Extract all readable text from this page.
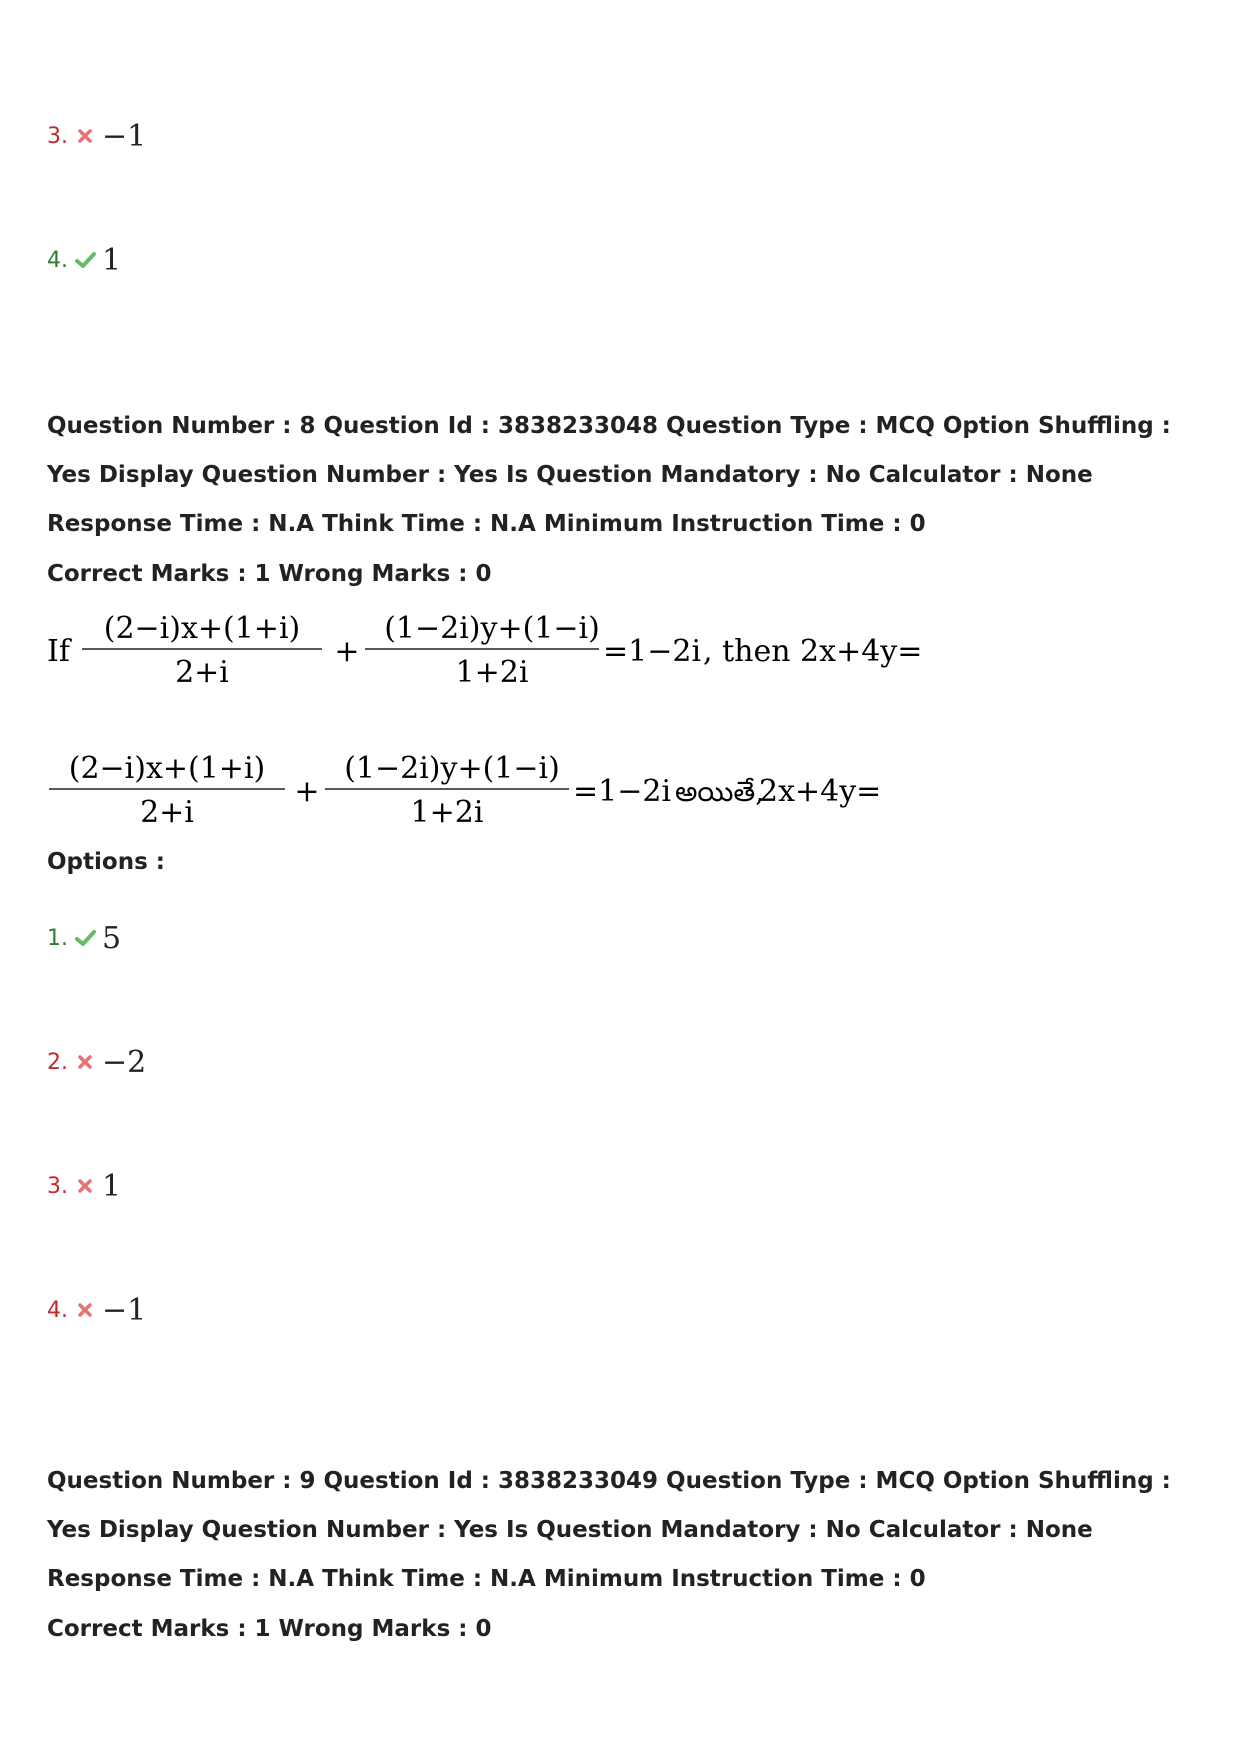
3. −1
4. 1
Question Number : 8 Question Id : 3838233048 Question Type : MCQ Option Shuffling : Yes Display Question Number : Yes Is Question Mandatory : No Calculator : None Response Time : N.A Think Time : N.A Minimum Instruction Time : 0
Correct Marks : 1 Wrong Marks : 0
If
(2−i)x+(1+i)
2+i
+
(1−2i)y+(1−i)
1+2i
=1−2i , then 2x+4y=
(2−i)x+(1+i)
2+i
+
(1−2i)y+(1−i)
1+2i
=1−2i అయితే,
2x+4y=
Options :
1. 5
2. −2
3. 1
4. −1
Question Number : 9 Question Id : 3838233049 Question Type : MCQ Option Shuffling : Yes Display Question Number : Yes Is Question Mandatory : No Calculator : None Response Time : N.A Think Time : N.A Minimum Instruction Time : 0
Correct Marks : 1 Wrong Marks : 0
